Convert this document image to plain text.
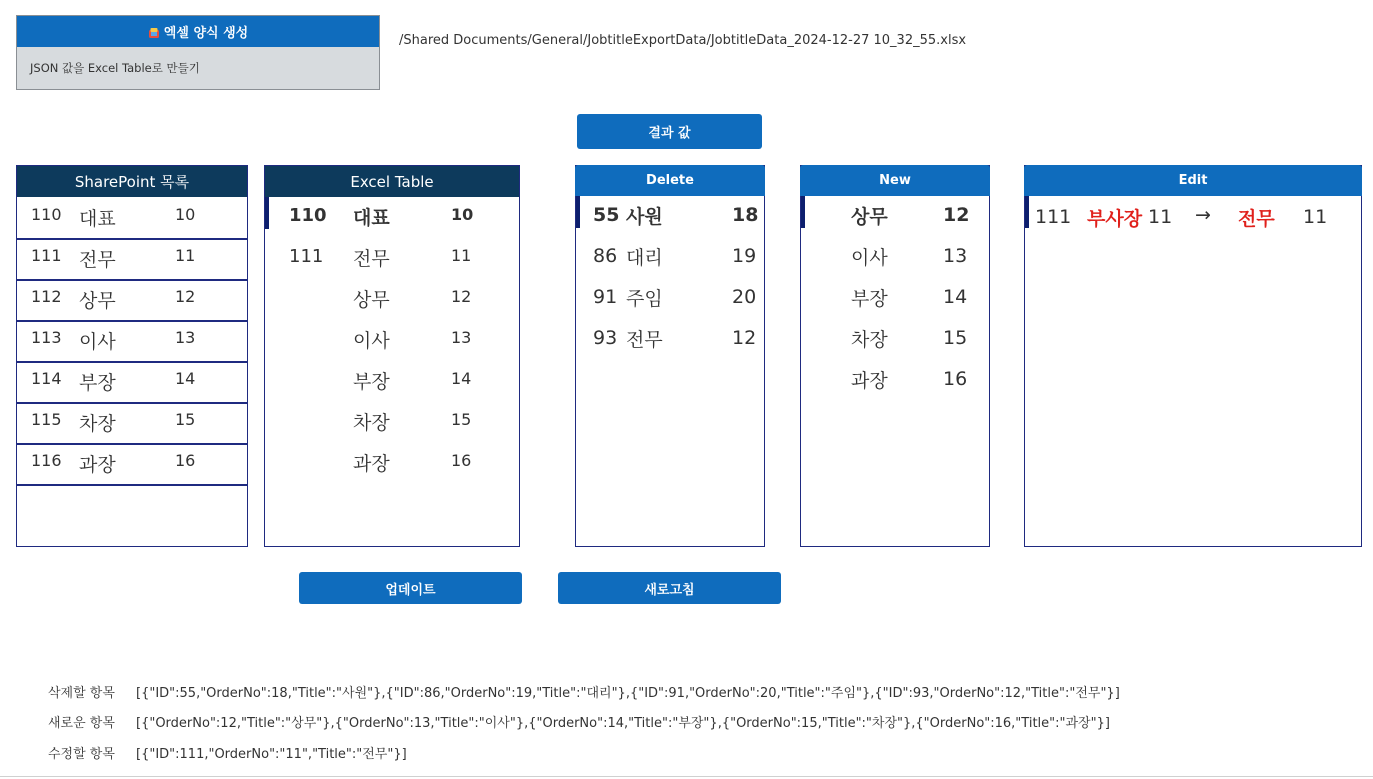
엑셀 양식 생성
JSON 값을 Excel Table로 만들기
/Shared Documents/General/JobtitleExportData/JobtitleData_2024-12-27 10_32_55.xlsx
결과 값
SharePoint 목록
110 대표	10
111 전무	11
112 상무	12
113 이사	13
114 부장	14
115 차장	15
116 과장	16
Excel Table
110 대표	10
111 전무	11
상무	12
이사	13
부장	14
차장	15
과장	16
Delete
55 사원	18
86 대리	19
91 주임	20
93 전무	12
New
상무	12
이사	13
부장	14
차장	15
과장	16
Edit
111 부사장 11 → 전무 11
업데이트	새로고침
삭제할 항목 [{"ID":55,"OrderNo":18,"Title":"사원"},{"ID":86,"OrderNo":19,"Title":"대리"},{"ID":91,"OrderNo":20,"Title":"주임"},{"ID":93,"OrderNo":12,"Title":"전무"}]
새로운 항목 [{"OrderNo":12,"Title":"상무"},{"OrderNo":13,"Title":"이사"},{"OrderNo":14,"Title":"부장"},{"OrderNo":15,"Title":"차장"},{"OrderNo":16,"Title":"과장"}]
수정할 항목 [{"ID":111,"OrderNo":"11","Title":"전무"}]
